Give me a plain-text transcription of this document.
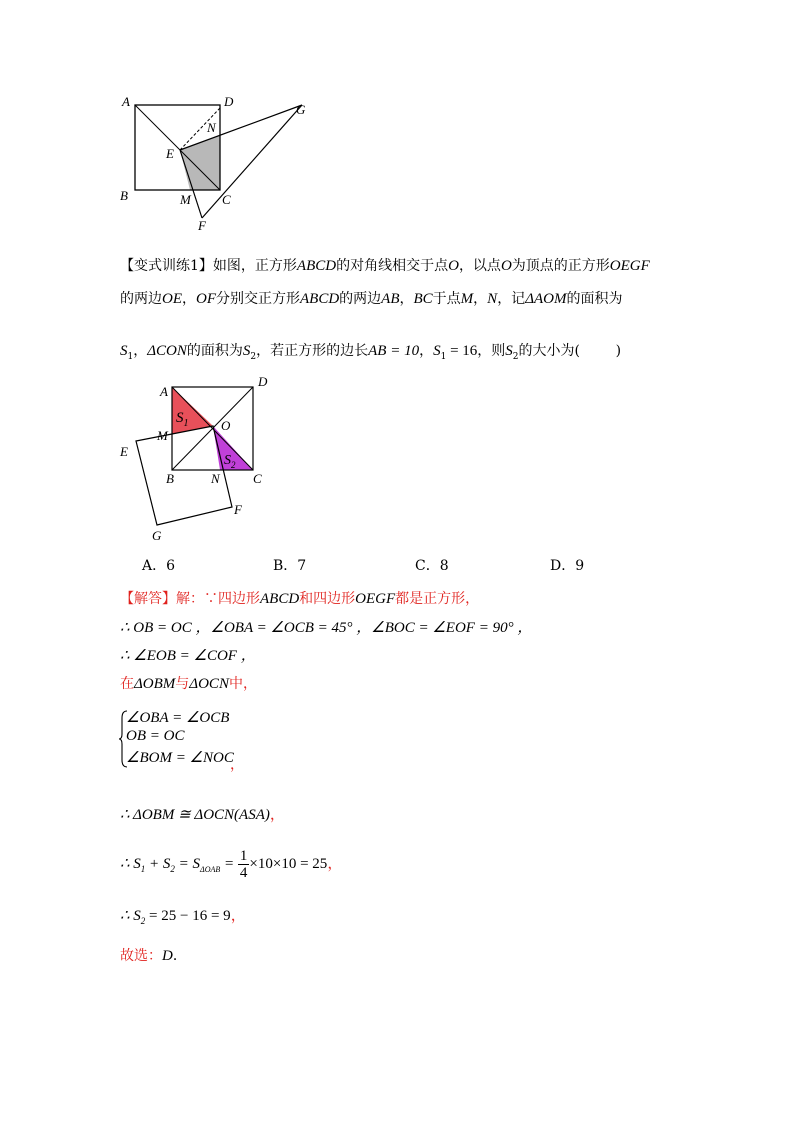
A	D
G
N
E
B	M C
F
【变式训练1】如图，正方形ABCD的对角线相交于点O，以点O为顶点的正方形OEGF
的两边OE，OF分别交正方形ABCD的两边AB，BC于点M，N，记ΔAOM的面积为
$S_1$，ΔCON的面积为$S_2$，若正方形的边长AB = 10，$S_1 = 16$，则$S_2$的大小为(        )
A
D
$S_1$	O
M
E
$S_2$
B	N	C
F
G
A．6	B．7	C．8	D．9
【解答】解：∵四边形ABCD和四边形OEGF都是正方形，
∴ OB = OC ，∠OBA = ∠OCB = 45° ，∠BOC = ∠EOF = 90° ，
∴ ∠EOB = ∠COF ，
在ΔOBM与ΔOCN中，
∠OBA = ∠OCB
OB = OC
∠BOM = ∠NOC
，
∴ ΔOBM ≅ ΔOCN(ASA)，
∴ $S_1 + S_2 = S_{\Delta OAB} = \frac{1}{4} \times 10\times 10 = 25$，
∴ $S_2 = 25 - 16 = 9$，
故选：D．
